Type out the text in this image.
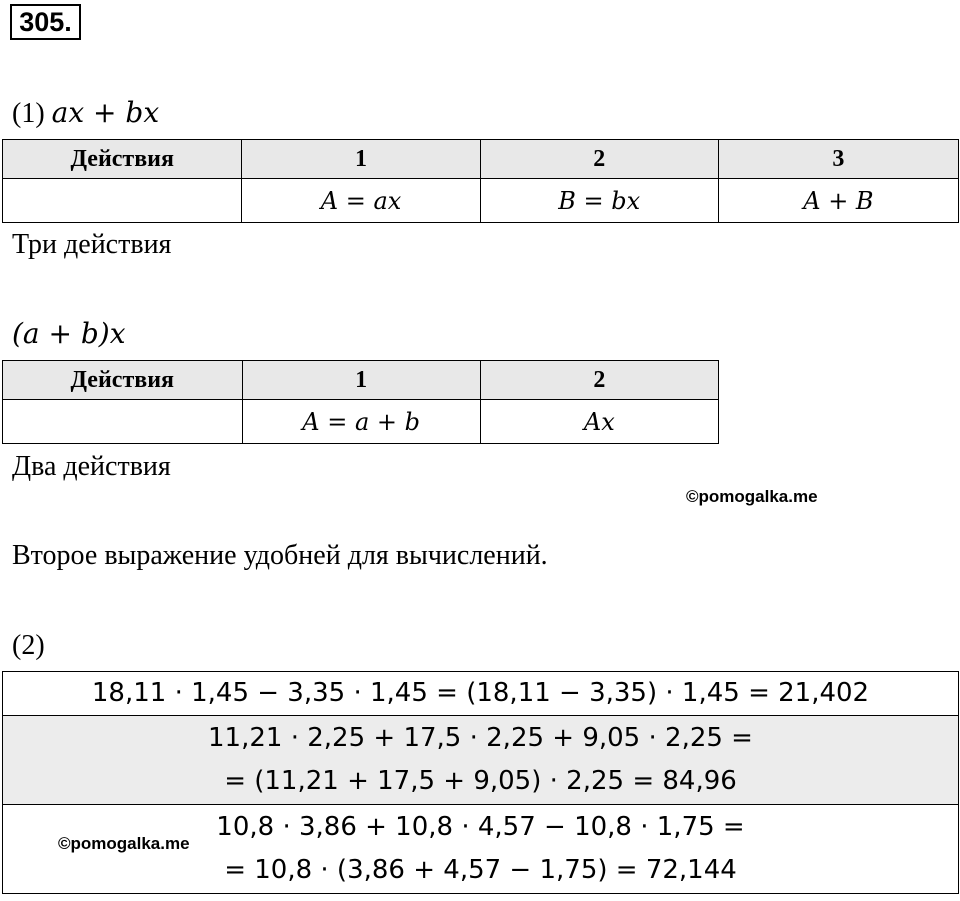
305.
(1) ax + bx
Действия	1	2	3
	A = ax	B = bx	A + B
Три действия
(a + b)x
Действия	1	2
	A = a + b	Ax
Два действия
©pomogalka.me
Второе выражение удобней для вычислений.
(2)
18,11 · 1,45 − 3,35 · 1,45 = (18,11 − 3,35) · 1,45 = 21,402

11,21 · 2,25 + 17,5 · 2,25 + 9,05 · 2,25 =
= (11,21 + 17,5 + 9,05) · 2,25 = 84,96

10,8 · 3,86 + 10,8 · 4,57 − 10,8 · 1,75 =
= 10,8 · (3,86 + 4,57 − 1,75) = 72,144
©pomogalka.me
